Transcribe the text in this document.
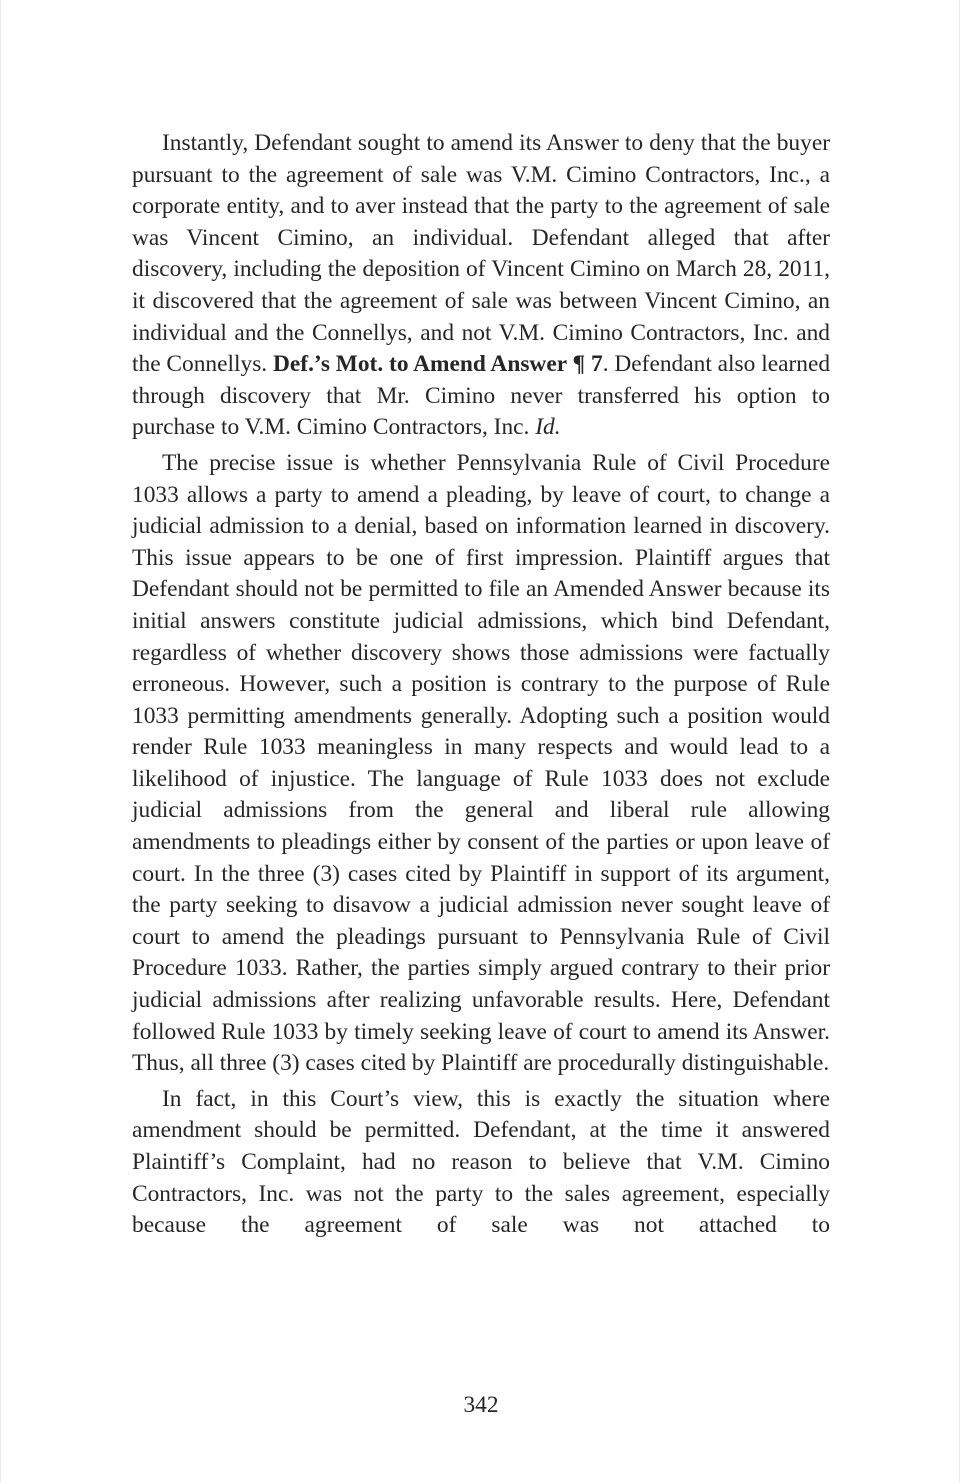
Instantly, Defendant sought to amend its Answer to deny that the buyer pursuant to the agreement of sale was V.M. Cimino Contractors, Inc., a corporate entity, and to aver instead that the party to the agreement of sale was Vincent Cimino, an individual. Defendant alleged that after discovery, including the deposition of Vincent Cimino on March 28, 2011, it discovered that the agreement of sale was between Vincent Cimino, an individual and the Connellys, and not V.M. Cimino Contractors, Inc. and the Connellys. Def.’s Mot. to Amend Answer ¶ 7. Defendant also learned through discovery that Mr. Cimino never transferred his option to purchase to V.M. Cimino Contractors, Inc. Id.

The precise issue is whether Pennsylvania Rule of Civil Procedure 1033 allows a party to amend a pleading, by leave of court, to change a judicial admission to a denial, based on information learned in discovery. This issue appears to be one of first impression. Plaintiff argues that Defendant should not be permitted to file an Amended Answer because its initial answers constitute judicial admissions, which bind Defendant, regardless of whether discovery shows those admissions were factually erroneous. However, such a position is contrary to the purpose of Rule 1033 permitting amendments generally. Adopting such a position would render Rule 1033 meaningless in many respects and would lead to a likelihood of injustice. The language of Rule 1033 does not exclude judicial admissions from the general and liberal rule allowing amendments to pleadings either by consent of the parties or upon leave of court. In the three (3) cases cited by Plaintiff in support of its argument, the party seeking to disavow a judicial admission never sought leave of court to amend the pleadings pursuant to Pennsylvania Rule of Civil Procedure 1033. Rather, the parties simply argued contrary to their prior judicial admissions after realizing unfavorable results. Here, Defendant followed Rule 1033 by timely seeking leave of court to amend its Answer. Thus, all three (3) cases cited by Plaintiff are procedurally distinguishable.

In fact, in this Court’s view, this is exactly the situation where amendment should be permitted. Defendant, at the time it answered Plaintiff’s Complaint, had no reason to believe that V.M. Cimino Contractors, Inc. was not the party to the sales agreement, especially because the agreement of sale was not attached to

342
